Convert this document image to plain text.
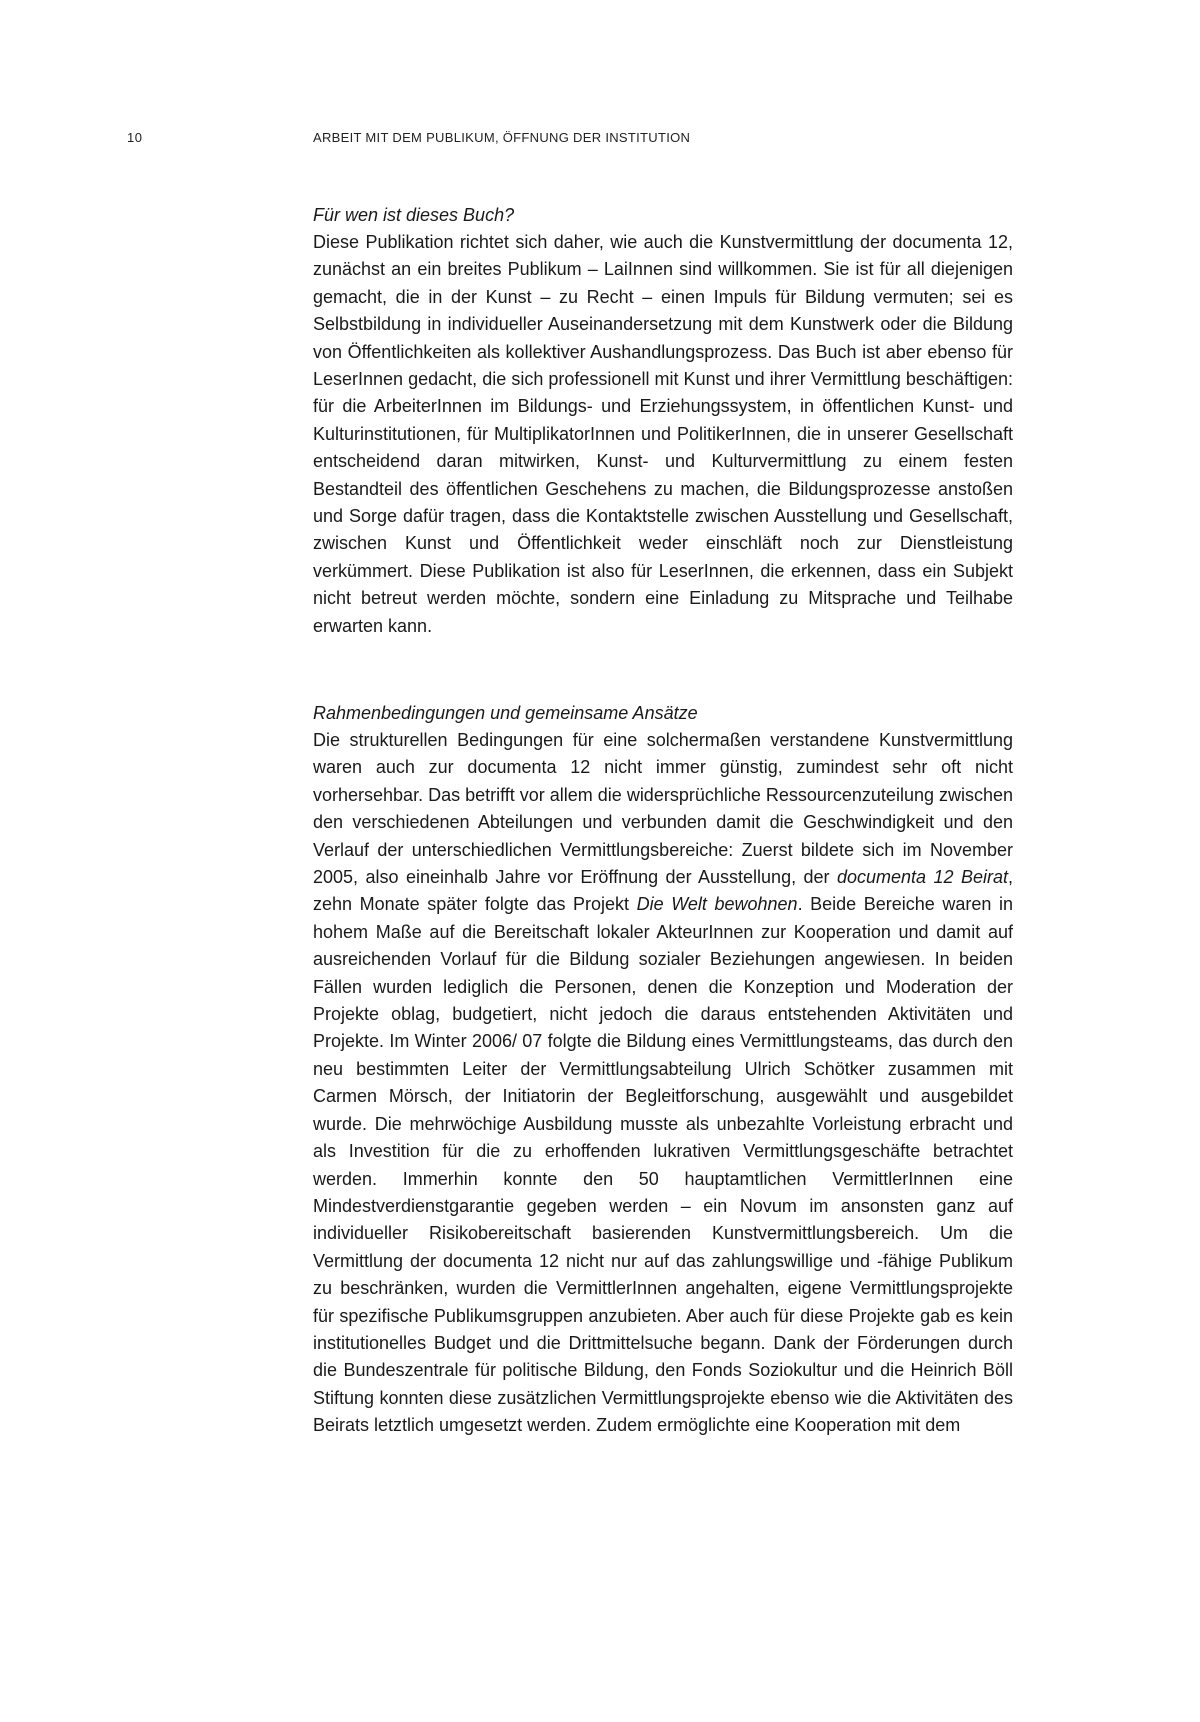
10	ARBEIT MIT DEM PUBLIKUM, ÖFFNUNG DER INSTITUTION
Für wen ist dieses Buch?

Diese Publikation richtet sich daher, wie auch die Kunstvermittlung der documenta 12, zunächst an ein breites Publikum – LaiInnen sind willkommen. Sie ist für all diejenigen gemacht, die in der Kunst – zu Recht – einen Impuls für Bildung vermuten; sei es Selbstbildung in individueller Auseinandersetzung mit dem Kunstwerk oder die Bildung von Öffentlichkeiten als kollektiver Aushandlungsprozess. Das Buch ist aber ebenso für LeserInnen gedacht, die sich professionell mit Kunst und ihrer Vermittlung beschäftigen: für die ArbeiterInnen im Bildungs- und Erziehungssystem, in öffentlichen Kunst- und Kulturinstitutionen, für MultiplikatorInnen und PolitikerInnen, die in unserer Gesellschaft entscheidend daran mitwirken, Kunst- und Kulturvermittlung zu einem festen Bestandteil des öffentlichen Geschehens zu machen, die Bildungsprozesse anstoßen und Sorge dafür tragen, dass die Kontaktstelle zwischen Ausstellung und Gesellschaft, zwischen Kunst und Öffentlichkeit weder einschläft noch zur Dienstleistung verkümmert. Diese Publikation ist also für LeserInnen, die erkennen, dass ein Subjekt nicht betreut werden möchte, sondern eine Einladung zu Mitsprache und Teilhabe erwarten kann.

Rahmenbedingungen und gemeinsame Ansätze

Die strukturellen Bedingungen für eine solchermaßen verstandene Kunstvermittlung waren auch zur documenta 12 nicht immer günstig, zumindest sehr oft nicht vorhersehbar. Das betrifft vor allem die widersprüchliche Ressourcenzuteilung zwischen den verschiedenen Abteilungen und verbunden damit die Geschwindigkeit und den Verlauf der unterschiedlichen Vermittlungsbereiche: Zuerst bildete sich im November 2005, also eineinhalb Jahre vor Eröffnung der Ausstellung, der documenta 12 Beirat, zehn Monate später folgte das Projekt Die Welt bewohnen. Beide Bereiche waren in hohem Maße auf die Bereitschaft lokaler AkteurInnen zur Kooperation und damit auf ausreichenden Vorlauf für die Bildung sozialer Beziehungen angewiesen. In beiden Fällen wurden lediglich die Personen, denen die Konzeption und Moderation der Projekte oblag, budgetiert, nicht jedoch die daraus entstehenden Aktivitäten und Projekte. Im Winter 2006/ 07 folgte die Bildung eines Vermittlungsteams, das durch den neu bestimmten Leiter der Vermittlungsabteilung Ulrich Schötker zusammen mit Carmen Mörsch, der Initiatorin der Begleitforschung, ausgewählt und ausgebildet wurde. Die mehrwöchige Ausbildung musste als unbezahlte Vorleistung erbracht und als Investition für die zu erhoffenden lukrativen Vermittlungsgeschäfte betrachtet werden. Immerhin konnte den 50 hauptamtlichen VermittlerInnen eine Mindestverdienstgarantie gegeben werden – ein Novum im ansonsten ganz auf individueller Risikobereitschaft basierenden Kunstvermittlungsbereich. Um die Vermittlung der documenta 12 nicht nur auf das zahlungswillige und -fähige Publikum zu beschränken, wurden die VermittlerInnen angehalten, eigene Vermittlungsprojekte für spezifische Publikumsgruppen anzubieten. Aber auch für diese Projekte gab es kein institutionelles Budget und die Drittmittelsuche begann. Dank der Förderungen durch die Bundeszentrale für politische Bildung, den Fonds Soziokultur und die Heinrich Böll Stiftung konnten diese zusätzlichen Vermittlungsprojekte ebenso wie die Aktivitäten des Beirats letztlich umgesetzt werden. Zudem ermöglichte eine Kooperation mit dem
